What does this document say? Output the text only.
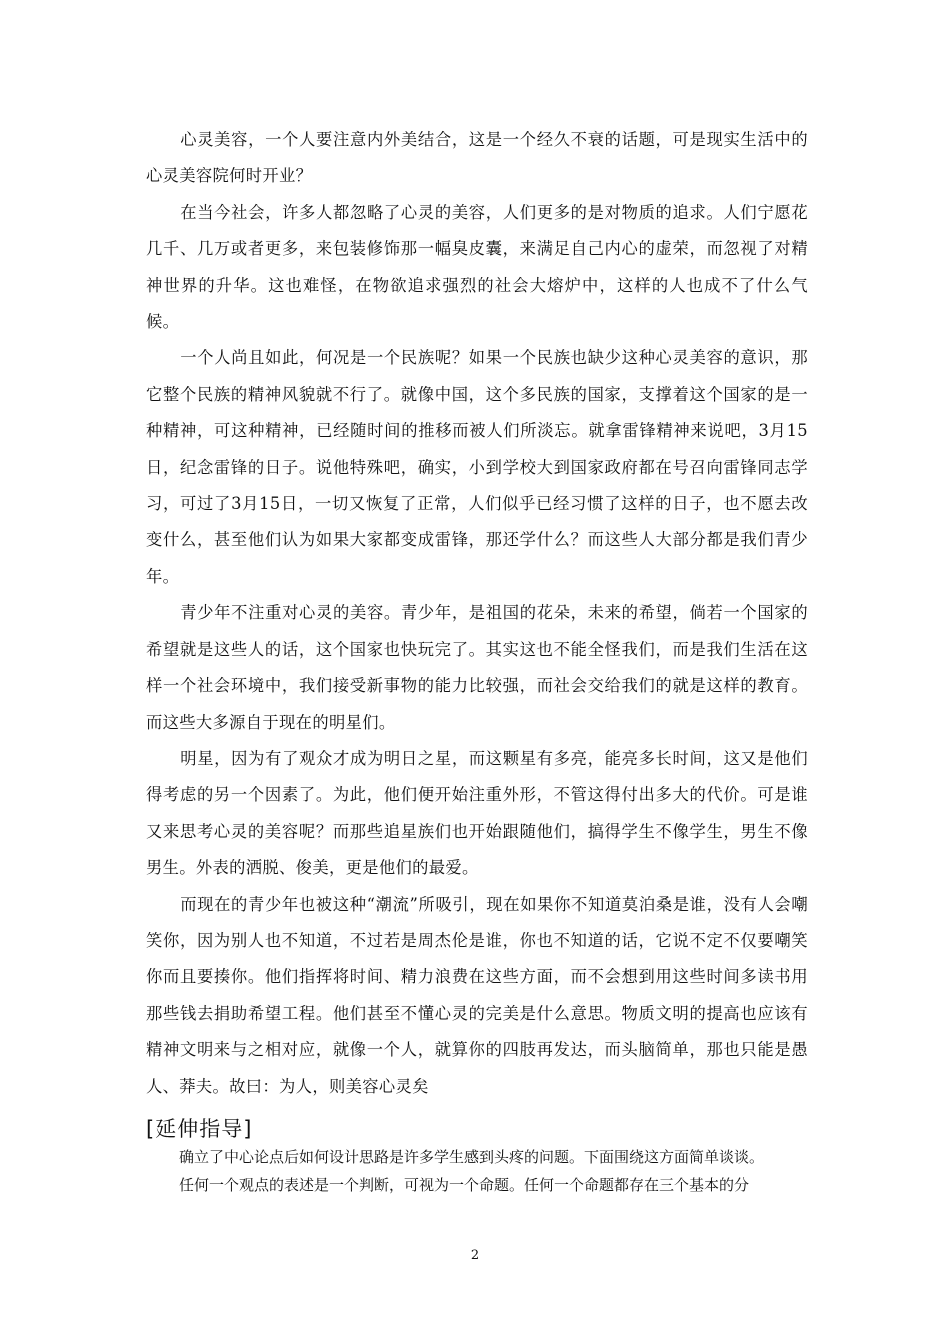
心灵美容，一个人要注意内外美结合，这是一个经久不衰的话题，可是现实生活中的心灵美容院何时开业？

在当今社会，许多人都忽略了心灵的美容，人们更多的是对物质的追求。人们宁愿花几千、几万或者更多，来包装修饰那一幅臭皮囊，来满足自己内心的虚荣，而忽视了对精神世界的升华。这也难怪，在物欲追求强烈的社会大熔炉中，这样的人也成不了什么气候。

一个人尚且如此，何况是一个民族呢？如果一个民族也缺少这种心灵美容的意识，那它整个民族的精神风貌就不行了。就像中国，这个多民族的国家，支撑着这个国家的是一种精神，可这种精神，已经随时间的推移而被人们所淡忘。就拿雷锋精神来说吧，3月15日，纪念雷锋的日子。说他特殊吧，确实，小到学校大到国家政府都在号召向雷锋同志学习，可过了3月15日，一切又恢复了正常，人们似乎已经习惯了这样的日子，也不愿去改变什么，甚至他们认为如果大家都变成雷锋，那还学什么？而这些人大部分都是我们青少年。

青少年不注重对心灵的美容。青少年，是祖国的花朵，未来的希望，倘若一个国家的希望就是这些人的话，这个国家也快玩完了。其实这也不能全怪我们，而是我们生活在这样一个社会环境中，我们接受新事物的能力比较强，而社会交给我们的就是这样的教育。而这些大多源自于现在的明星们。

明星，因为有了观众才成为明日之星，而这颗星有多亮，能亮多长时间，这又是他们得考虑的另一个因素了。为此，他们便开始注重外形，不管这得付出多大的代价。可是谁又来思考心灵的美容呢？而那些追星族们也开始跟随他们，搞得学生不像学生，男生不像男生。外表的洒脱、俊美，更是他们的最爱。

而现在的青少年也被这种“潮流”所吸引，现在如果你不知道莫泊桑是谁，没有人会嘲笑你，因为别人也不知道，不过若是周杰伦是谁，你也不知道的话，它说不定不仅要嘲笑你而且要揍你。他们指挥将时间、精力浪费在这些方面，而不会想到用这些时间多读书用那些钱去捐助希望工程。他们甚至不懂心灵的完美是什么意思。物质文明的提高也应该有精神文明来与之相对应，就像一个人，就算你的四肢再发达，而头脑简单，那也只能是愚人、莽夫。故曰：为人，则美容心灵矣

[延伸指导]

确立了中心论点后如何设计思路是许多学生感到头疼的问题。下面围绕这方面简单谈谈。

任何一个观点的表述是一个判断，可视为一个命题。任何一个命题都存在三个基本的分

2
